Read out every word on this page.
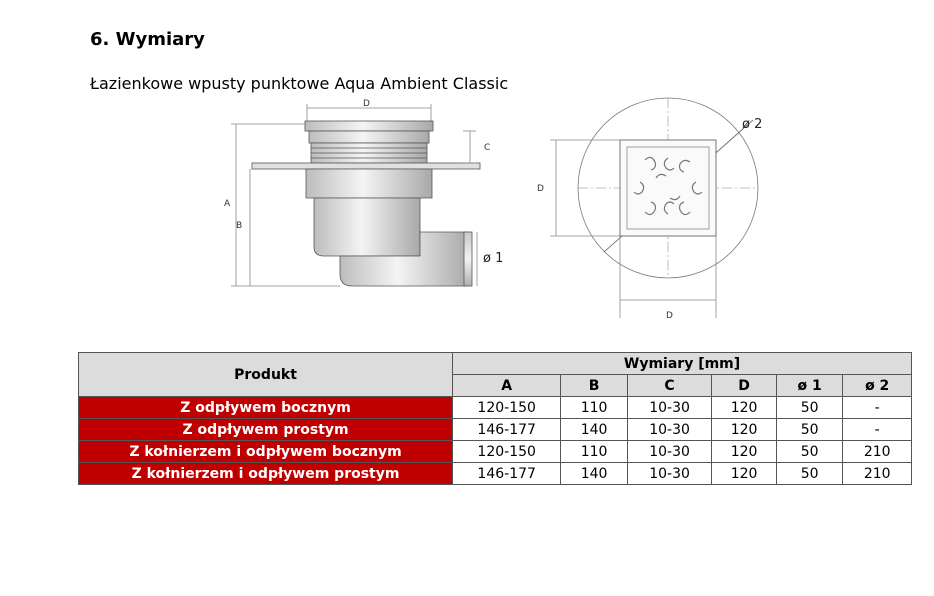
6. Wymiary
Łazienkowe wpusty punktowe Aqua Ambient Classic
D
C
A
B
ø 1
D
D
ø 2
Produkt	Wymiary [mm]					
	A	B	C	D	ø 1	ø 2
Z odpływem bocznym	120-150	110	10-30	120	50	-
Z odpływem prostym	146-177	140	10-30	120	50	-
Z kołnierzem i odpływem bocznym	120-150	110	10-30	120	50	210
Z kołnierzem i odpływem prostym	146-177	140	10-30	120	50	210
